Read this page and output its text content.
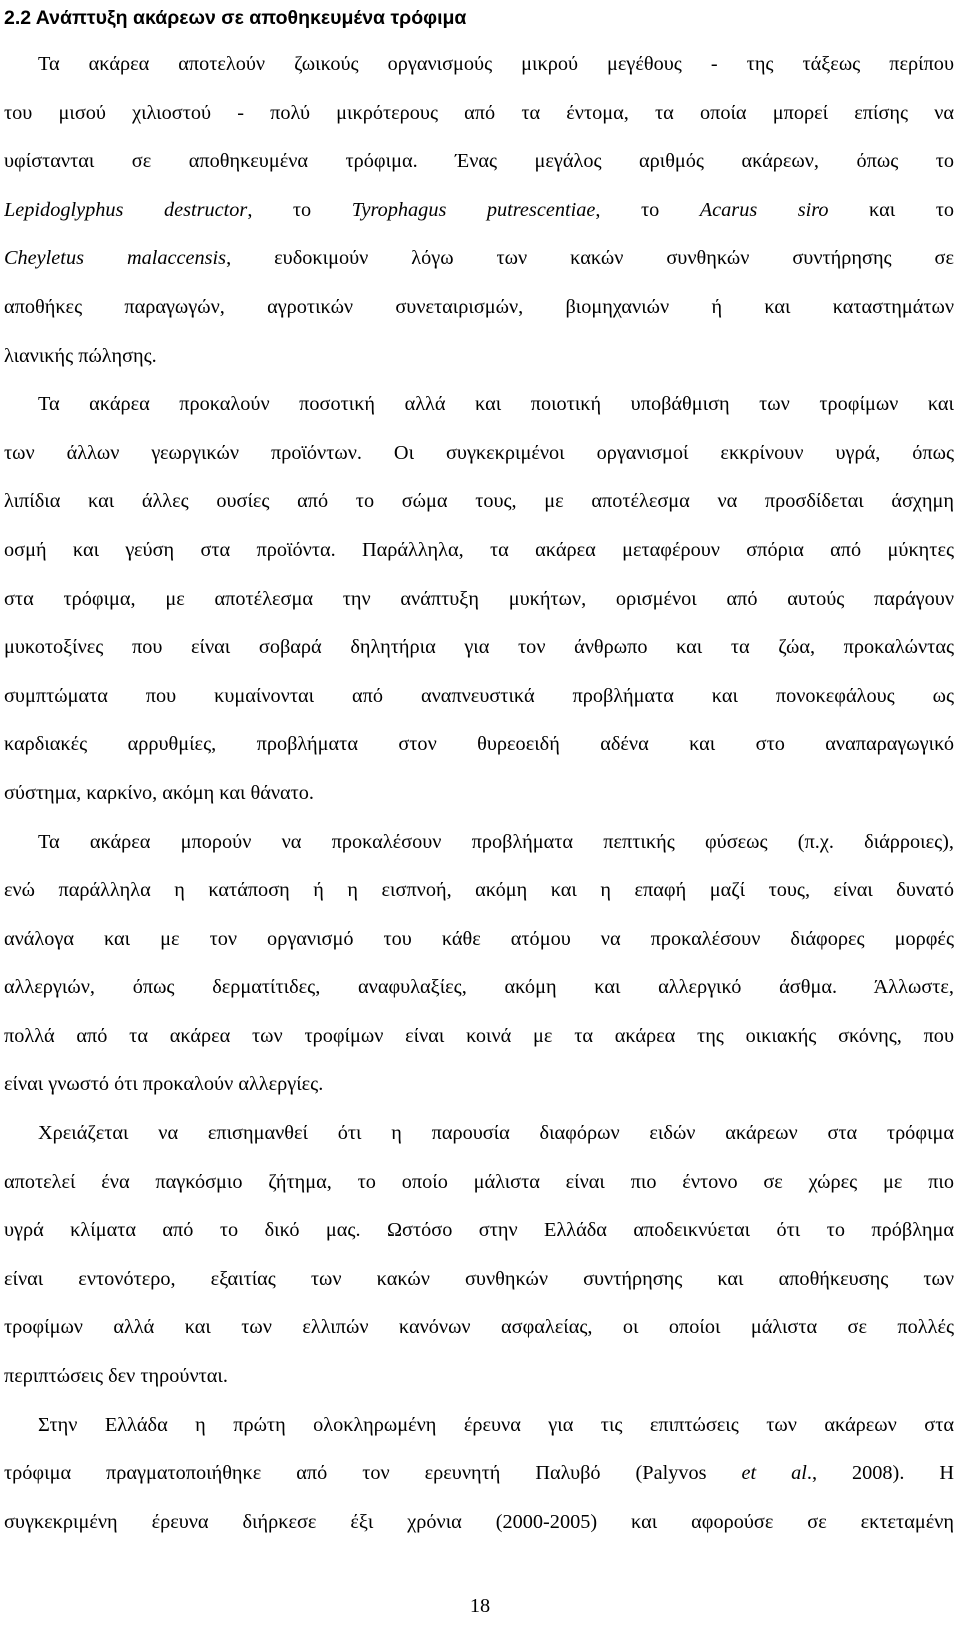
2.2 Ανάπτυξη ακάρεων σε αποθηκευμένα τρόφιμα
Τα ακάρεα αποτελούν ζωικούς οργανισμούς μικρού μεγέθους - της τάξεως περίπου
του μισού χιλιοστού - πολύ μικρότερους από τα έντομα, τα οποία μπορεί επίσης να
υφίστανται σε αποθηκευμένα τρόφιμα. Ένας μεγάλος αριθμός ακάρεων, όπως το
Lepidoglyphus destructor, το Tyrophagus putrescentiae, το Acarus siro και το
Cheyletus malaccensis, ευδοκιμούν λόγω των κακών συνθηκών συντήρησης σε
αποθήκες παραγωγών, αγροτικών συνεταιρισμών, βιομηχανιών ή και καταστημάτων
λιανικής πώλησης.
Τα ακάρεα προκαλούν ποσοτική αλλά και ποιοτική υποβάθμιση των τροφίμων και
των άλλων γεωργικών προϊόντων. Οι συγκεκριμένοι οργανισμοί εκκρίνουν υγρά, όπως
λιπίδια και άλλες ουσίες από το σώμα τους, με αποτέλεσμα να προσδίδεται άσχημη
οσμή και γεύση στα προϊόντα. Παράλληλα, τα ακάρεα μεταφέρουν σπόρια από μύκητες
στα τρόφιμα, με αποτέλεσμα την ανάπτυξη μυκήτων, ορισμένοι από αυτούς παράγουν
μυκοτοξίνες που είναι σοβαρά δηλητήρια για τον άνθρωπο και τα ζώα, προκαλώντας
συμπτώματα που κυμαίνονται από αναπνευστικά προβλήματα και πονοκεφάλους ως
καρδιακές αρρυθμίες, προβλήματα στον θυρεοειδή αδένα και στο αναπαραγωγικό
σύστημα, καρκίνο, ακόμη και θάνατο.
Τα ακάρεα μπορούν να προκαλέσουν προβλήματα πεπτικής φύσεως (π.χ. διάρροιες),
ενώ παράλληλα η κατάποση ή η εισπνοή, ακόμη και η επαφή μαζί τους, είναι δυνατό
ανάλογα και με τον οργανισμό του κάθε ατόμου να προκαλέσουν διάφορες μορφές
αλλεργιών, όπως δερματίτιδες, αναφυλαξίες, ακόμη και αλλεργικό άσθμα. Άλλωστε,
πολλά από τα ακάρεα των τροφίμων είναι κοινά με τα ακάρεα της οικιακής σκόνης, που
είναι γνωστό ότι προκαλούν αλλεργίες.
Χρειάζεται να επισημανθεί ότι η παρουσία διαφόρων ειδών ακάρεων στα τρόφιμα
αποτελεί ένα παγκόσμιο ζήτημα, το οποίο μάλιστα είναι πιο έντονο σε χώρες με πιο
υγρά κλίματα από το δικό μας. Ωστόσο στην Ελλάδα αποδεικνύεται ότι το πρόβλημα
είναι εντονότερο, εξαιτίας των κακών συνθηκών συντήρησης και αποθήκευσης των
τροφίμων αλλά και των ελλιπών κανόνων ασφαλείας, οι οποίοι μάλιστα σε πολλές
περιπτώσεις δεν τηρούνται.
Στην Ελλάδα η πρώτη ολοκληρωμένη έρευνα για τις επιπτώσεις των ακάρεων στα
τρόφιμα πραγματοποιήθηκε από τον ερευνητή Παλυβό (Palyvos et al., 2008). Η
συγκεκριμένη έρευνα διήρκεσε έξι χρόνια (2000-2005) και αφορούσε σε εκτεταμένη
18
